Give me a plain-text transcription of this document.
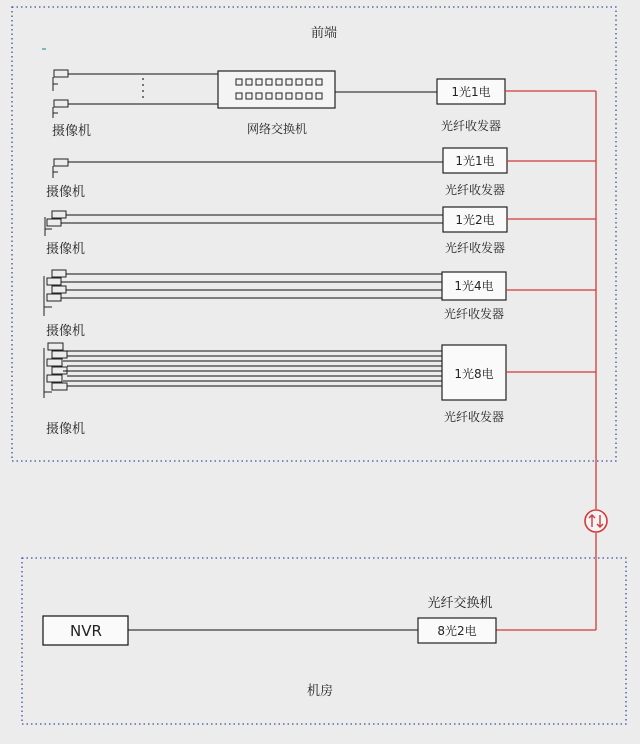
前端
机房
摄像机	网络交换机
1光1电
光纤收发器
摄像机
1光1电
光纤收发器
摄像机
1光2电
光纤收发器
摄像机
1光4电
光纤收发器
摄像机
1光8电
光纤收发器
NVR	8光2电
光纤交换机
